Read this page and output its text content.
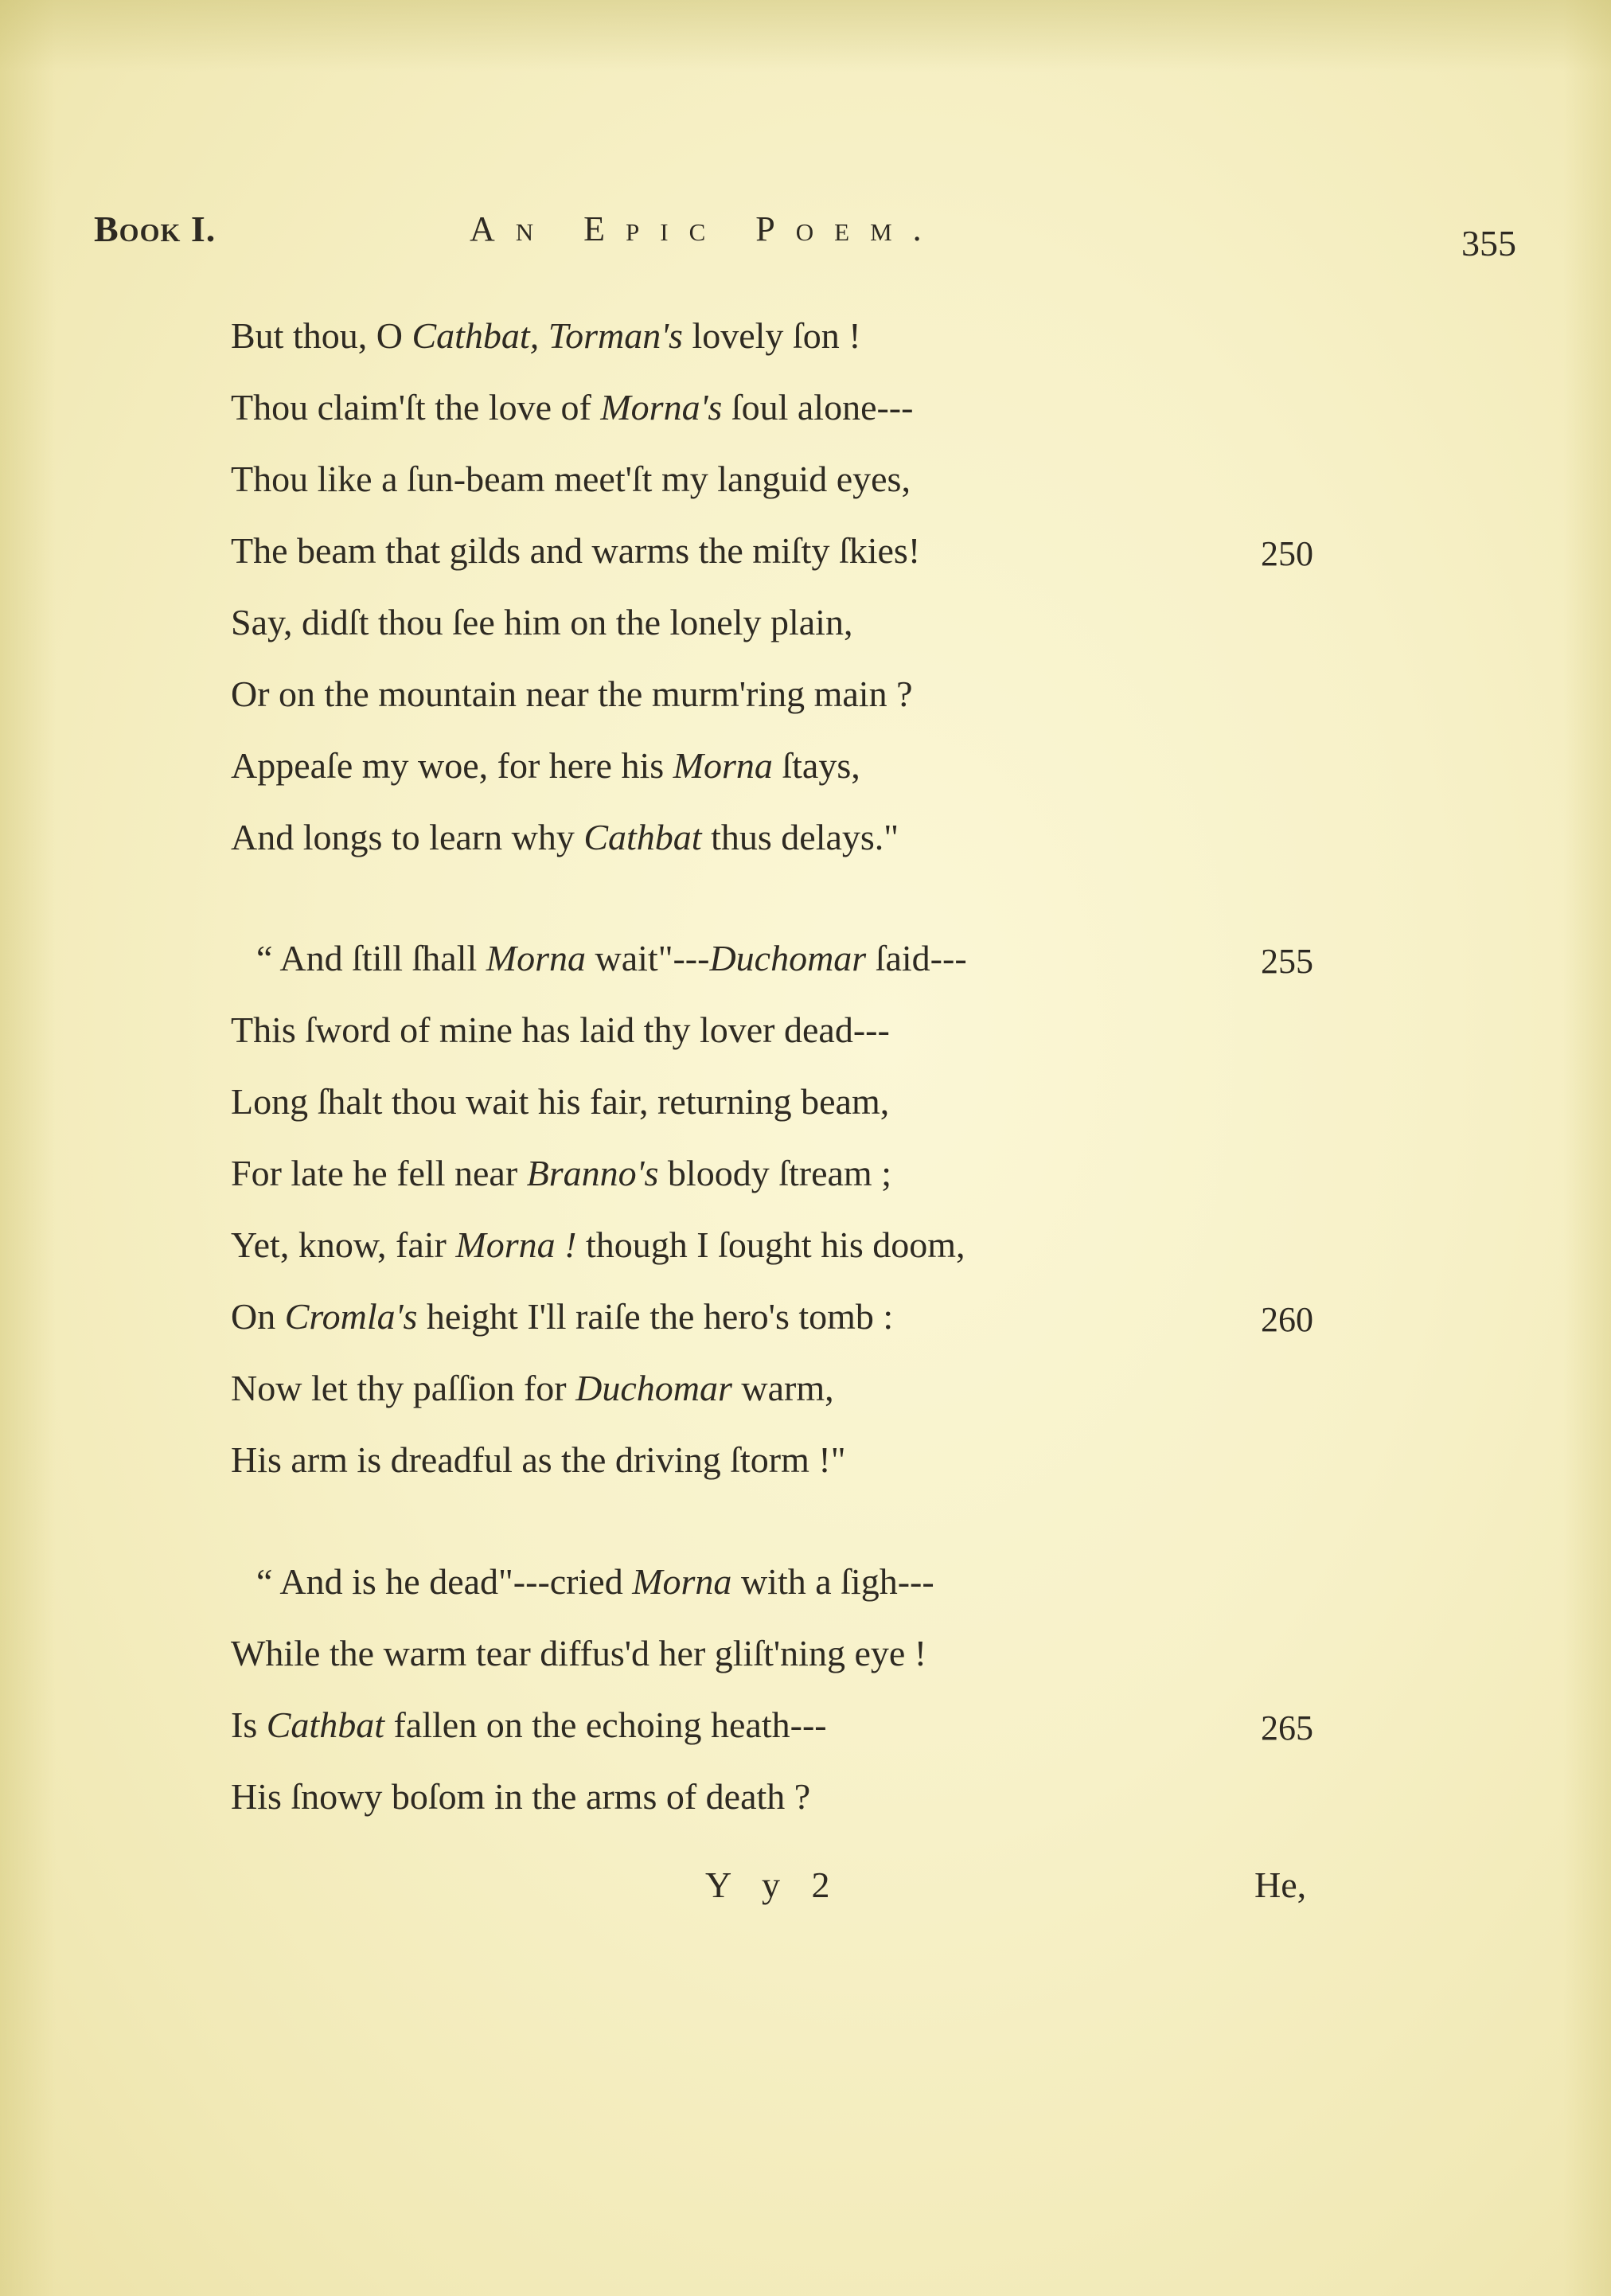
Book I.	An Epic Poem.	355
But thou, O Cathbat, Torman's lovely ſon !
Thou claim'ſt the love of Morna's ſoul alone---
Thou like a ſun-beam meet'ſt my languid eyes,
The beam that gilds and warms the miſty ſkies!	250
Say, didſt thou ſee him on the lonely plain,
Or on the mountain near the murm'ring main ?
Appeaſe my woe, for here his Morna ſtays,
And longs to learn why Cathbat thus delays."
“ And ſtill ſhall Morna wait"---Duchomar ſaid---	255
This ſword of mine has laid thy lover dead---
Long ſhalt thou wait his fair, returning beam,
For late he fell near Branno's bloody ſtream ;
Yet, know, fair Morna ! though I ſought his doom,
On Cromla's height I'll raiſe the hero's tomb :	260
Now let thy paſſion for Duchomar warm,
His arm is dreadful as the driving ſtorm !"
“ And is he dead"---cried Morna with a ſigh---
While the warm tear diffus'd her gliſt'ning eye !
Is Cathbat fallen on the echoing heath---	265
His ſnowy boſom in the arms of death ?
Y y 2	He,
